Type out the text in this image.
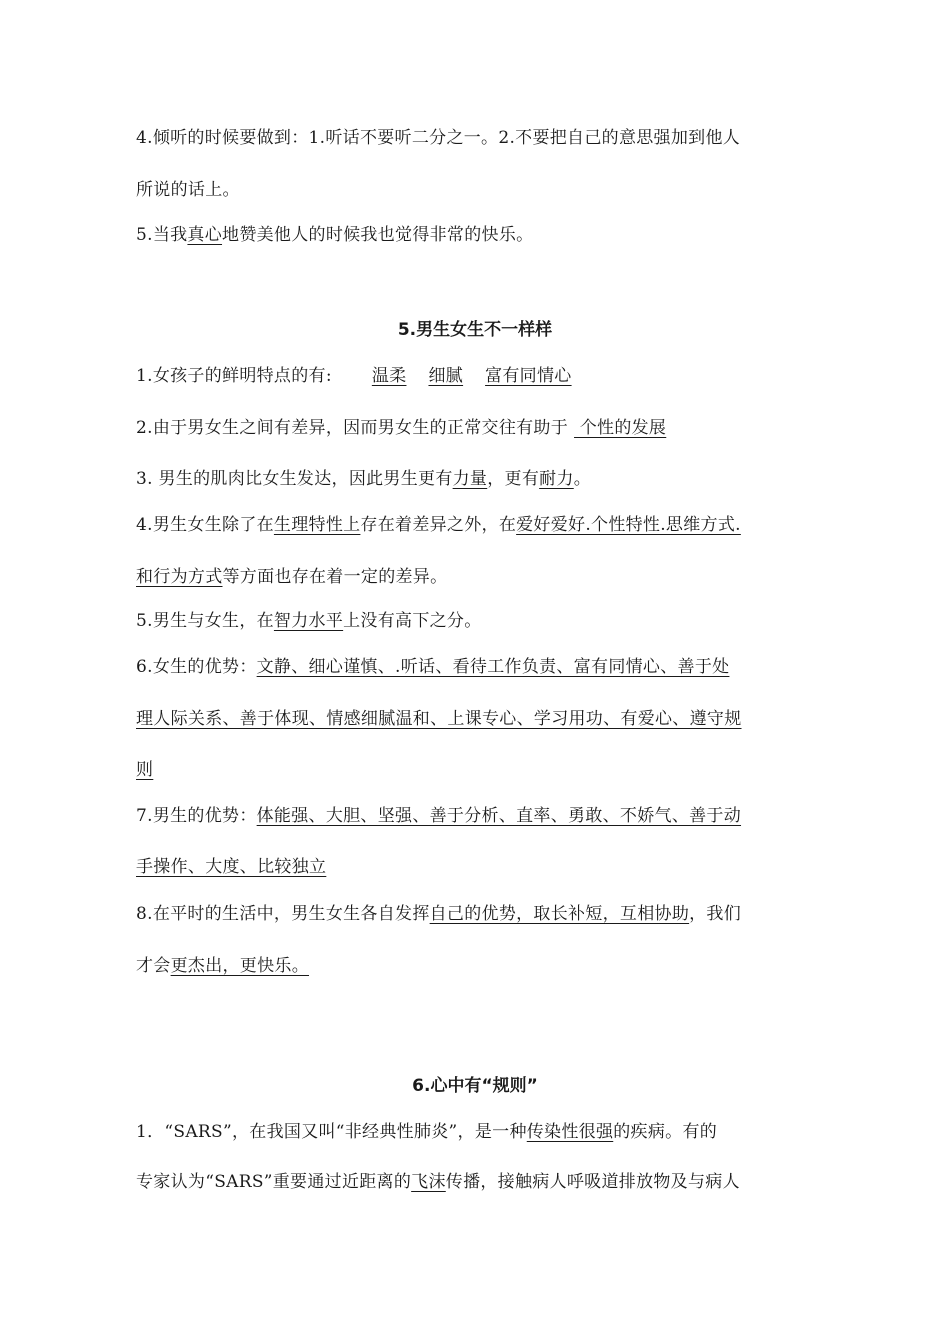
4.倾听的时候要做到：1.听话不要听二分之一。2.不要把自己的意思强加到他人
所说的话上。
5.当我真心地赞美他人的时候我也觉得非常的快乐。
5.男生女生不一样样
1.女孩子的鲜明特点的有: 温柔 细腻 富有同情心
2.由于男女生之间有差异，因而男女生的正常交往有助于 个性的发展
3. 男生的肌肉比女生发达，因此男生更有力量，更有耐力。
4.男生女生除了在生理特性上存在着差异之外，在爱好爱好.个性特性.思维方式.
和行为方式等方面也存在着一定的差异。
5.男生与女生，在智力水平上没有高下之分。
6.女生的优势：文静、细心谨慎、.听话、看待工作负责、富有同情心、善于处
理人际关系、善于体现、情感细腻温和、上课专心、学习用功、有爱心、遵守规
则
7.男生的优势：体能强、大胆、坚强、善于分析、直率、勇敢、不娇气、善于动
手操作、大度、比较独立
8.在平时的生活中，男生女生各自发挥自己的优势，取长补短，互相协助，我们
才会更杰出，更快乐。
6.心中有“规则”
1．“SARS”，在我国又叫“非经典性肺炎”，是一种传染性很强的疾病。有的
专家认为“SARS”重要通过近距离的飞沫传播，接触病人呼吸道排放物及与病人
